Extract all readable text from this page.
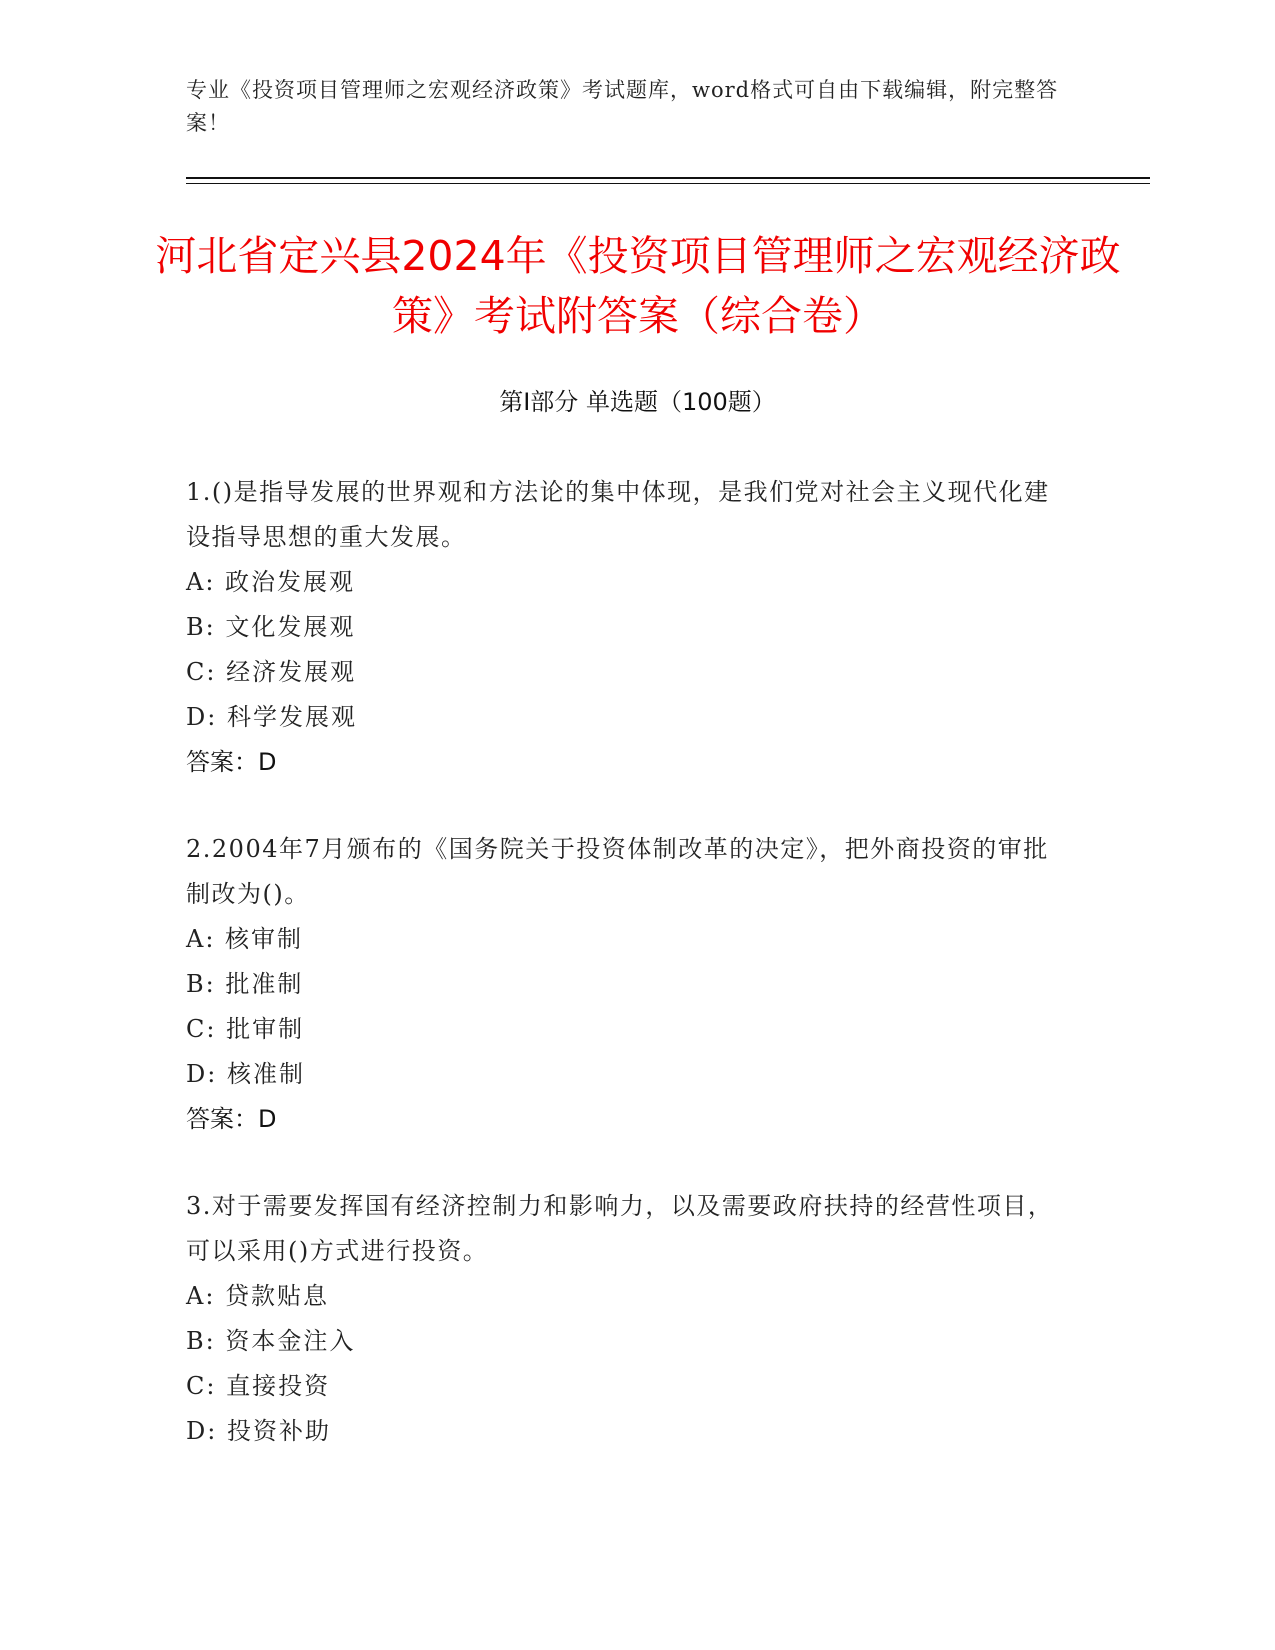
专业《投资项目管理师之宏观经济政策》考试题库，word格式可自由下载编辑，附完整答案！
河北省定兴县2024年《投资项目管理师之宏观经济政策》考试附答案（综合卷）
第Ⅰ部分 单选题（100题）
1.()是指导发展的世界观和方法论的集中体现，是我们党对社会主义现代化建设指导思想的重大发展。
A: 政治发展观
B: 文化发展观
C: 经济发展观
D: 科学发展观
答案：D
2.2004年7月颁布的《国务院关于投资体制改革的决定》，把外商投资的审批制改为()。
A: 核审制
B: 批准制
C: 批审制
D: 核准制
答案：D
3.对于需要发挥国有经济控制力和影响力，以及需要政府扶持的经营性项目，可以采用()方式进行投资。
A: 贷款贴息
B: 资本金注入
C: 直接投资
D: 投资补助
